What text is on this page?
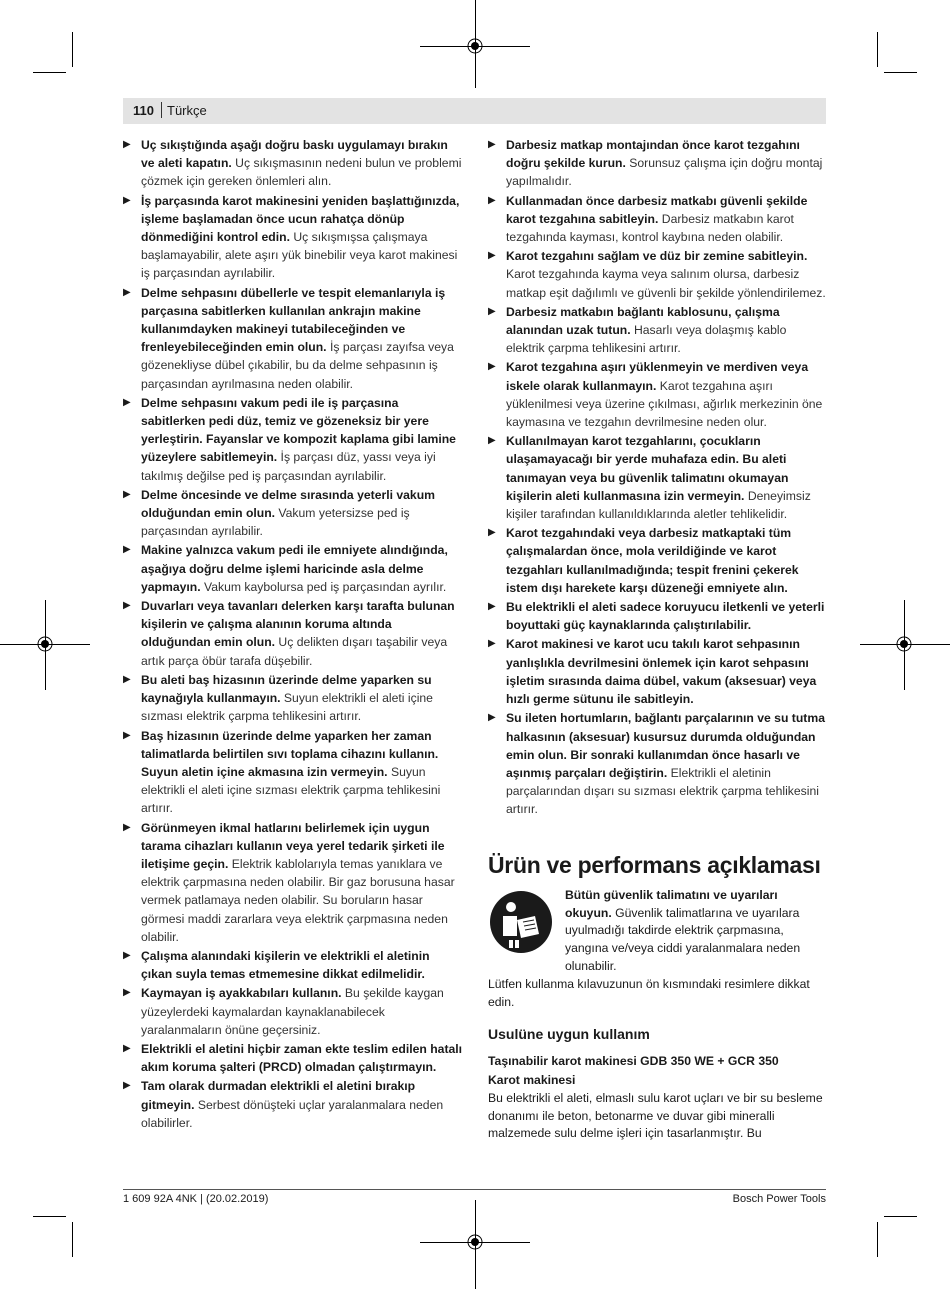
110 Türkçe
▶ Uç sıkıştığında aşağı doğru baskı uygulamayı bırakın ve aleti kapatın. Uç sıkışmasının nedeni bulun ve problemi çözmek için gereken önlemleri alın.
▶ İş parçasında karot makinesini yeniden başlattığınızda, işleme başlamadan önce ucun rahatça dönüp dönmediğini kontrol edin. Uç sıkışmışsa çalışmaya başlamayabilir, alete aşırı yük binebilir veya karot makinesi iş parçasından ayrılabilir.
▶ Delme sehpasını dübellerle ve tespit elemanlarıyla iş parçasına sabitlerken kullanılan ankrajın makine kullanımdayken makineyi tutabileceğinden ve frenleyebileceğinden emin olun. İş parçası zayıfsa veya gözenekliyse dübel çıkabilir, bu da delme sehpasının iş parçasından ayrılmasına neden olabilir.
▶ Delme sehpasını vakum pedi ile iş parçasına sabitlerken pedi düz, temiz ve gözeneksiz bir yere yerleştirin. Fayanslar ve kompozit kaplama gibi lamine yüzeylere sabitlemeyin. İş parçası düz, yassı veya iyi takılmış değilse ped iş parçasından ayrılabilir.
▶ Delme öncesinde ve delme sırasında yeterli vakum olduğundan emin olun. Vakum yetersizse ped iş parçasından ayrılabilir.
▶ Makine yalnızca vakum pedi ile emniyete alındığında, aşağıya doğru delme işlemi haricinde asla delme yapmayın. Vakum kaybolursa ped iş parçasından ayrılır.
▶ Duvarları veya tavanları delerken karşı tarafta bulunan kişilerin ve çalışma alanının koruma altında olduğundan emin olun. Uç delikten dışarı taşabilir veya artık parça öbür tarafa düşebilir.
▶ Bu aleti baş hizasının üzerinde delme yaparken su kaynağıyla kullanmayın. Suyun elektrikli el aleti içine sızması elektrik çarpma tehlikesini artırır.
▶ Baş hizasının üzerinde delme yaparken her zaman talimatlarda belirtilen sıvı toplama cihazını kullanın. Suyun aletin içine akmasına izin vermeyin. Suyun elektrikli el aleti içine sızması elektrik çarpma tehlikesini artırır.
▶ Görünmeyen ikmal hatlarını belirlemek için uygun tarama cihazları kullanın veya yerel tedarik şirketi ile iletişime geçin. Elektrik kablolarıyla temas yanıklara ve elektrik çarpmasına neden olabilir. Bir gaz borusuna hasar vermek patlamaya neden olabilir. Su boruların hasar görmesi maddi zararlara veya elektrik çarpmasına neden olabilir.
▶ Çalışma alanındaki kişilerin ve elektrikli el aletinin çıkan suyla temas etmemesine dikkat edilmelidir.
▶ Kaymayan iş ayakkabıları kullanın. Bu şekilde kaygan yüzeylerdeki kaymalardan kaynaklanabilecek yaralanmaların önüne geçersiniz.
▶ Elektrikli el aletini hiçbir zaman ekte teslim edilen hatalı akım koruma şalteri (PRCD) olmadan çalıştırmayın.
▶ Tam olarak durmadan elektrikli el aletini bırakıp gitmeyin. Serbest dönüşteki uçlar yaralanmalara neden olabilirler.
▶ Darbesiz matkap montajından önce karot tezgahını doğru şekilde kurun. Sorunsuz çalışma için doğru montaj yapılmalıdır.
▶ Kullanmadan önce darbesiz matkabı güvenli şekilde karot tezgahına sabitleyin. Darbesiz matkabın karot tezgahında kayması, kontrol kaybına neden olabilir.
▶ Karot tezgahını sağlam ve düz bir zemine sabitleyin. Karot tezgahında kayma veya salınım olursa, darbesiz matkap eşit dağılımlı ve güvenli bir şekilde yönlendirilemez.
▶ Darbesiz matkabın bağlantı kablosunu, çalışma alanından uzak tutun. Hasarlı veya dolaşmış kablo elektrik çarpma tehlikesini artırır.
▶ Karot tezgahına aşırı yüklenmeyin ve merdiven veya iskele olarak kullanmayın. Karot tezgahına aşırı yüklenilmesi veya üzerine çıkılması, ağırlık merkezinin öne kaymasına ve tezgahın devrilmesine neden olur.
▶ Kullanılmayan karot tezgahlarını, çocukların ulaşamayacağı bir yerde muhafaza edin. Bu aleti tanımayan veya bu güvenlik talimatını okumayan kişilerin aleti kullanmasına izin vermeyin. Deneyimsiz kişiler tarafından kullanıldıklarında aletler tehlikelidir.
▶ Karot tezgahındaki veya darbesiz matkaptaki tüm çalışmalardan önce, mola verildiğinde ve karot tezgahları kullanılmadığında; tespit frenini çekerek istem dışı harekete karşı düzeneği emniyete alın.
▶ Bu elektrikli el aleti sadece koruyucu iletkenli ve yeterli boyuttaki güç kaynaklarında çalıştırılabilir.
▶ Karot makinesi ve karot ucu takılı karot sehpasının yanlışlıkla devrilmesini önlemek için karot sehpasını işletim sırasında daima dübel, vakum (aksesuar) veya hızlı germe sütunu ile sabitleyin.
▶ Su ileten hortumların, bağlantı parçalarının ve su tutma halkasının (aksesuar) kusursuz durumda olduğundan emin olun. Bir sonraki kullanımdan önce hasarlı ve aşınmış parçaları değiştirin. Elektrikli el aletinin parçalarından dışarı su sızması elektrik çarpma tehlikesini artırır.
Ürün ve performans açıklaması
Bütün güvenlik talimatını ve uyarıları okuyun. Güvenlik talimatlarına ve uyarılara uyulmadığı takdirde elektrik çarpmasına, yangına ve/veya ciddi yaralanmalara neden olunabilir.
Lütfen kullanma kılavuzunun ön kısmındaki resimlere dikkat edin.
Usulüne uygun kullanım
Taşınabilir karot makinesi GDB 350 WE + GCR 350
Karot makinesi
Bu elektrikli el aleti, elmaslı sulu karot uçları ve bir su besleme donanımı ile beton, betonarme ve duvar gibi mineralli malzemede sulu delme işleri için tasarlanmıştır. Bu
1 609 92A 4NK | (20.02.2019)	Bosch Power Tools
